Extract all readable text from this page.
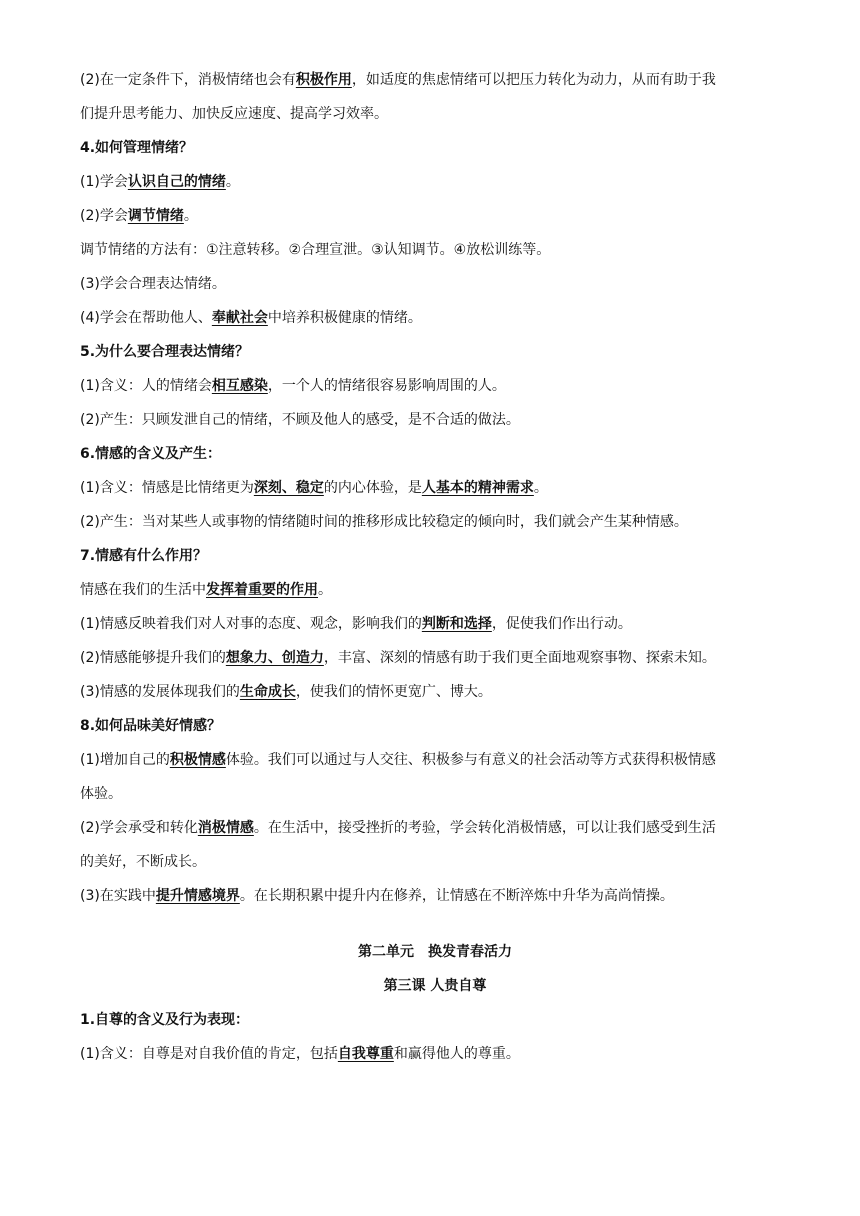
(2)在一定条件下，消极情绪也会有积极作用，如适度的焦虑情绪可以把压力转化为动力，从而有助于我
们提升思考能力、加快反应速度、提高学习效率。
4.如何管理情绪？
(1)学会认识自己的情绪。
(2)学会调节情绪。
调节情绪的方法有：①注意转移。②合理宣泄。③认知调节。④放松训练等。
(3)学会合理表达情绪。
(4)学会在帮助他人、奉献社会中培养积极健康的情绪。
5.为什么要合理表达情绪？
(1)含义：人的情绪会相互感染，一个人的情绪很容易影响周围的人。
(2)产生：只顾发泄自己的情绪，不顾及他人的感受，是不合适的做法。
6.情感的含义及产生：
(1)含义：情感是比情绪更为深刻、稳定的内心体验，是人基本的精神需求。
(2)产生：当对某些人或事物的情绪随时间的推移形成比较稳定的倾向时，我们就会产生某种情感。
7.情感有什么作用？
情感在我们的生活中发挥着重要的作用。
(1)情感反映着我们对人对事的态度、观念，影响我们的判断和选择，促使我们作出行动。
(2)情感能够提升我们的想象力、创造力，丰富、深刻的情感有助于我们更全面地观察事物、探索未知。
(3)情感的发展体现我们的生命成长，使我们的情怀更宽广、博大。
8.如何品味美好情感？
(1)增加自己的积极情感体验。我们可以通过与人交往、积极参与有意义的社会活动等方式获得积极情感
体验。
(2)学会承受和转化消极情感。在生活中，接受挫折的考验，学会转化消极情感，可以让我们感受到生活
的美好，不断成长。
(3)在实践中提升情感境界。在长期积累中提升内在修养，让情感在不断淬炼中升华为高尚情操。
第二单元　换发青春活力
第三课 人贵自尊
1.自尊的含义及行为表现：
(1)含义：自尊是对自我价值的肯定，包括自我尊重和赢得他人的尊重。
